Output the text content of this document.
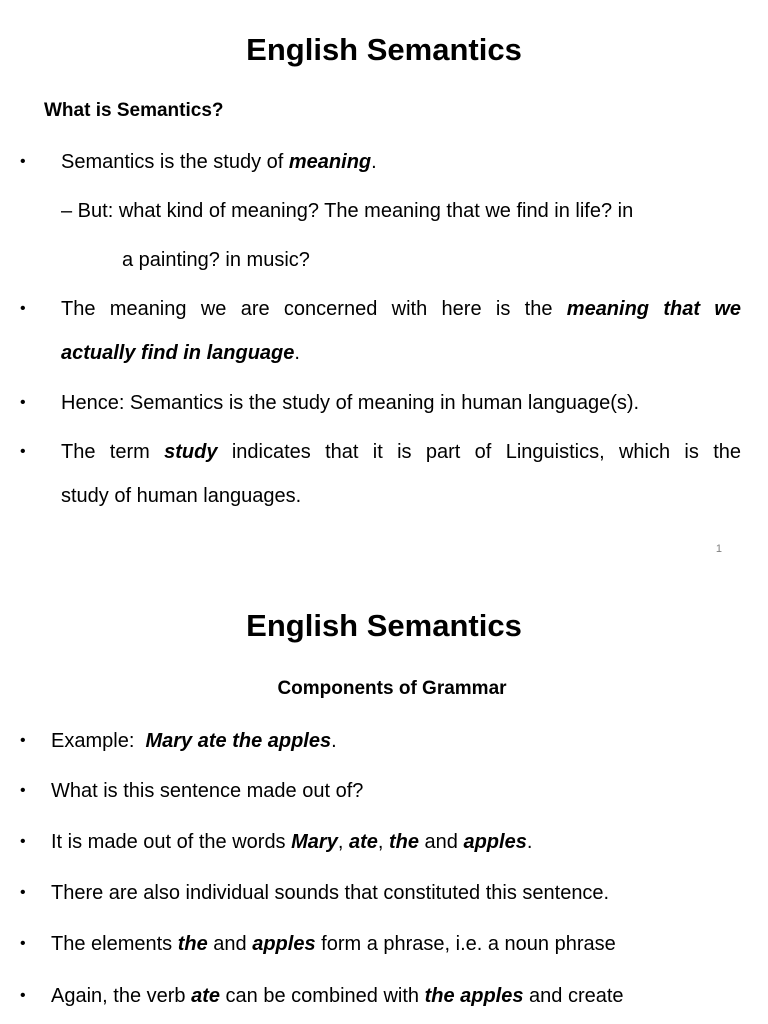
English Semantics
What is Semantics?
• Semantics is the study of meaning.
– But: what kind of meaning? The meaning that we find in life? in
a painting? in music?
• The meaning we are concerned with here is the meaning that we
actually find in language.
• Hence: Semantics is the study of meaning in human language(s).
• The term study indicates that it is part of Linguistics, which is the
study of human languages.
1
English Semantics
Components of Grammar
• Example:  Mary ate the apples.
• What is this sentence made out of?
• It is made out of the words Mary, ate, the and apples.
• There are also individual sounds that constituted this sentence.
• The elements the and apples form a phrase, i.e. a noun phrase
• Again, the verb ate can be combined with the apples and create
